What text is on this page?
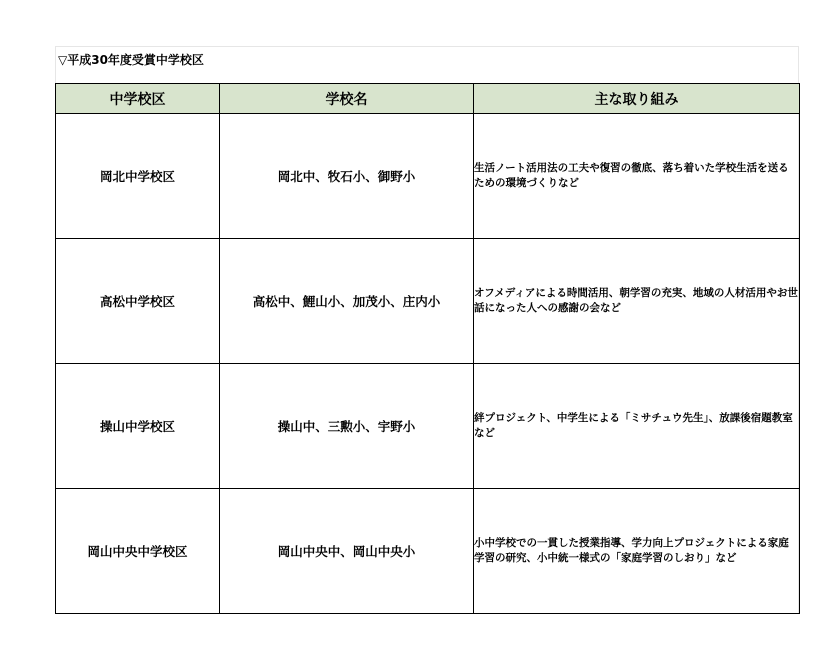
▽平成30年度受賞中学校区
中学校区	学校名	主な取り組み
岡北中学校区	岡北中、牧石小、御野小	生活ノート活用法の工夫や復習の徹底、落ち着いた学校生活を送るための環境づくりなど
高松中学校区	高松中、鯉山小、加茂小、庄内小	オフメディアによる時間活用、朝学習の充実、地域の人材活用やお世話になった人への感謝の会など
操山中学校区	操山中、三勲小、宇野小	絆プロジェクト、中学生による「ミサチュウ先生」、放課後宿題教室など
岡山中央中学校区	岡山中央中、岡山中央小	小中学校での一貫した授業指導、学力向上プロジェクトによる家庭学習の研究、小中統一様式の「家庭学習のしおり」など
